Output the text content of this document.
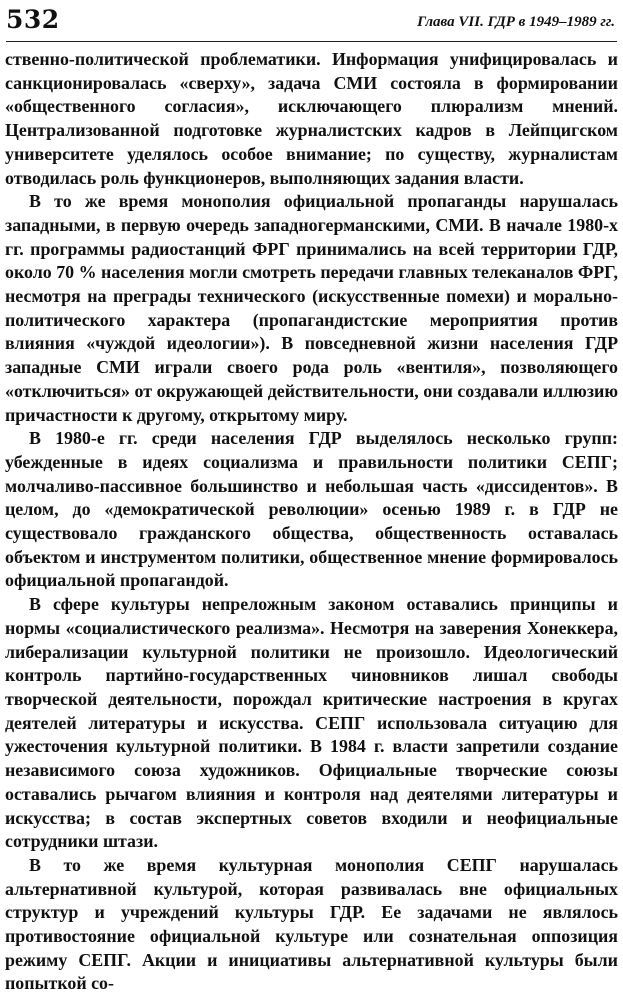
532	Глава VII. ГДР в 1949–1989 гг.

ственно-политической проблематики. Информация унифицировалась и санкционировалась «сверху», задача СМИ состояла в формировании «общественного согласия», исключающего плюрализм мнений. Централизованной подготовке журналистских кадров в Лейпцигском университете уделялось особое внимание; по существу, журналистам отводилась роль функционеров, выполняющих задания власти.

В то же время монополия официальной пропаганды нарушалась западными, в первую очередь западногерманскими, СМИ. В начале 1980-х гг. программы радиостанций ФРГ принимались на всей территории ГДР, около 70 % населения могли смотреть передачи главных телеканалов ФРГ, несмотря на преграды технического (искусственные помехи) и морально-политического характера (пропагандистские мероприятия против влияния «чуждой идеологии»). В повседневной жизни населения ГДР западные СМИ играли своего рода роль «вентиля», позволяющего «отключиться» от окружающей действительности, они создавали иллюзию причастности к другому, открытому миру.

В 1980-е гг. среди населения ГДР выделялось несколько групп: убежденные в идеях социализма и правильности политики СЕПГ; молчаливо-пассивное большинство и небольшая часть «диссидентов». В целом, до «демократической революции» осенью 1989 г. в ГДР не существовало гражданского общества, общественность оставалась объектом и инструментом политики, общественное мнение формировалось официальной пропагандой.

В сфере культуры непреложным законом оставались принципы и нормы «социалистического реализма». Несмотря на заверения Хонеккера, либерализации культурной политики не произошло. Идеологический контроль партийно-государственных чиновников лишал свободы творческой деятельности, порождал критические настроения в кругах деятелей литературы и искусства. СЕПГ использовала ситуацию для ужесточения культурной политики. В 1984 г. власти запретили создание независимого союза художников. Официальные творческие союзы оставались рычагом влияния и контроля над деятелями литературы и искусства; в состав экспертных советов входили и неофициальные сотрудники штази.

В то же время культурная монополия СЕПГ нарушалась альтернативной культурой, которая развивалась вне официальных структур и учреждений культуры ГДР. Ее задачами не являлось противостояние официальной культуре или сознательная оппозиция режиму СЕПГ. Акции и инициативы альтернативной культуры были попыткой со-
